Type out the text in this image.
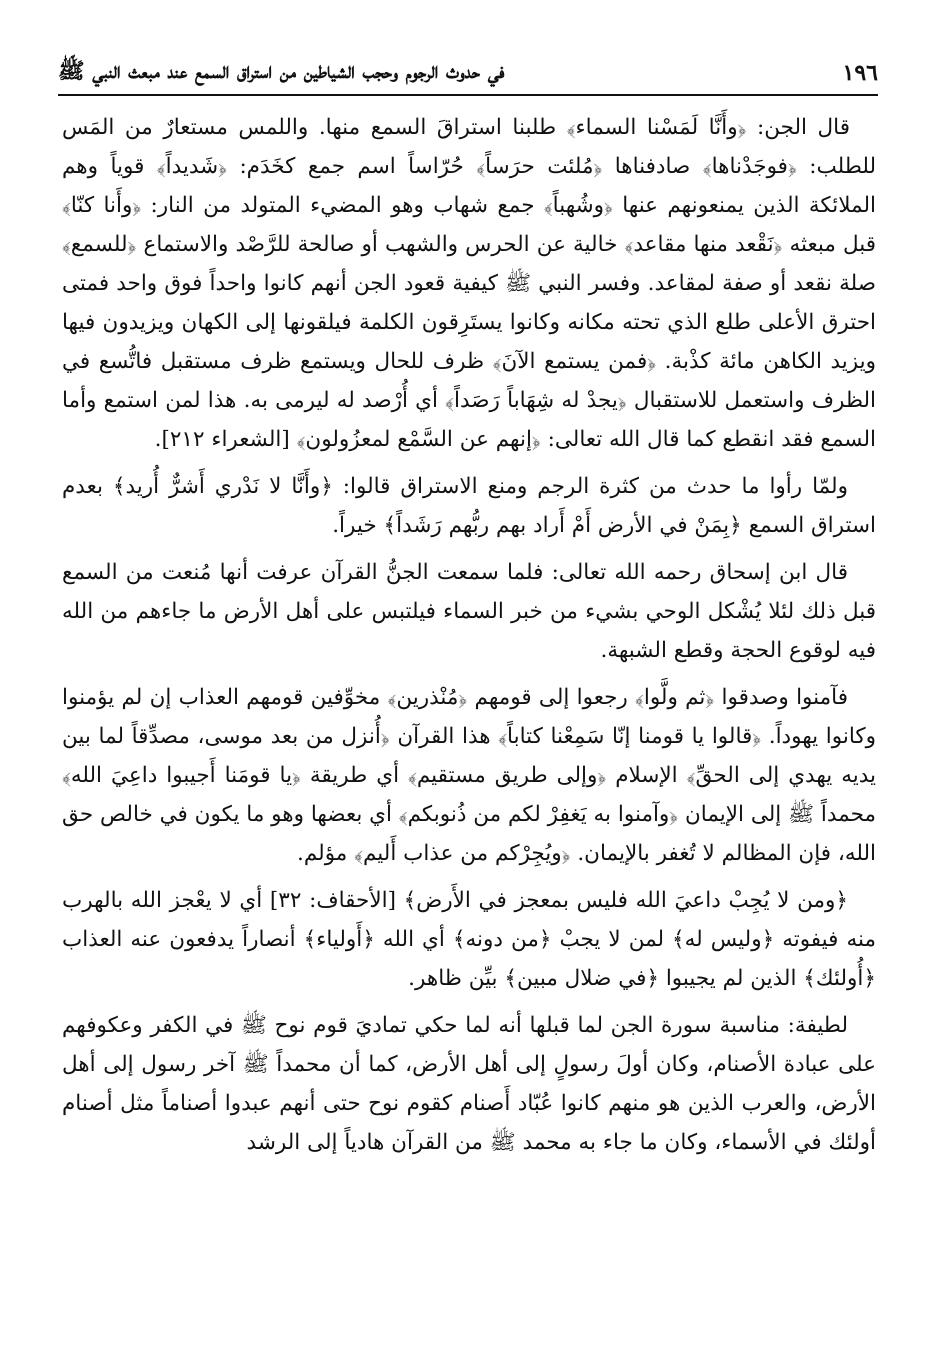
١٩٦
في حدوث الرجوم وحجب الشياطين من استراق السمع عند مبعث النبي ﷺ

قال الجن: ﴿وأَنَّا لَمَسْنا السماء﴾ طلبنا استراقَ السمع منها. واللمس مستعارٌ من المَس للطلب: ﴿فوجَدْناها﴾ صادفناها ﴿مُلئت حرَساً﴾ حُرّاساً اسم جمع كخَدَم: ﴿شَديداً﴾ قوياً وهم الملائكة الذين يمنعونهم عنها ﴿وشُهباً﴾ جمع شهاب وهو المضيء المتولد من النار: ﴿وأَنا كنّا﴾ قبل مبعثه ﴿نَقْعد منها مقاعد﴾ خالية عن الحرس والشهب أو صالحة للرَّصْد والاستماع ﴿للسمع﴾ صلة نقعد أو صفة لمقاعد. وفسر النبي ﷺ كيفية قعود الجن أنهم كانوا واحداً فوق واحد فمتى احترق الأعلى طلع الذي تحته مكانه وكانوا يستَرِقون الكلمة فيلقونها إلى الكهان ويزيدون فيها ويزيد الكاهن مائة كذْبة. ﴿فمن يستمع الآنَ﴾ ظرف للحال ويستمع ظرف مستقبل فاتُّسع في الظرف واستعمل للاستقبال ﴿يجدْ له شِهَاباً رَصَداً﴾ أي أُرْصد له ليرمى به. هذا لمن استمع وأما السمع فقد انقطع كما قال الله تعالى: ﴿إنهم عن السَّمْع لمعزُولون﴾ [الشعراء ٢١٢].

ولمّا رأوا ما حدث من كثرة الرجم ومنع الاستراق قالوا: ﴿وأَنَّا لا نَدْري أَشرٌّ أُريد﴾ بعدم استراق السمع ﴿بِمَنْ في الأرض أَمْ أَراد بهم ربُّهم رَشَداً﴾ خيراً.

قال ابن إسحاق رحمه الله تعالى: فلما سمعت الجنُّ القرآن عرفت أنها مُنعت من السمع قبل ذلك لئلا يُشْكل الوحي بشيء من خبر السماء فيلتبس على أهل الأرض ما جاءهم من الله فيه لوقوع الحجة وقطع الشبهة.

فآمنوا وصدقوا ﴿ثم ولَّوا﴾ رجعوا إلى قومهم ﴿مُنْذرين﴾ مخوِّفين قومهم العذاب إن لم يؤمنوا وكانوا يهوداً. ﴿قالوا يا قومنا إنّا سَمِعْنا كتاباً﴾ هذا القرآن ﴿أُنزل من بعد موسى، مصدِّقاً لما بين يديه يهدي إلى الحقِّ﴾ الإسلام ﴿وإلى طريق مستقيم﴾ أي طريقة ﴿يا قومَنا أَجيبوا داعِيَ الله﴾ محمداً ﷺ إلى الإيمان ﴿وآمنوا به يَغفِرْ لكم من ذُنوبكم﴾ أي بعضها وهو ما يكون في خالص حق الله، فإن المظالم لا تُغفر بالإيمان. ﴿ويُجِرْكم من عذاب أَليم﴾ مؤلم.

﴿ومن لا يُجِبْ داعيَ الله فليس بمعجز في الأَرض﴾ [الأحقاف: ٣٢] أي لا يعْجز الله بالهرب منه فيفوته ﴿وليس له﴾ لمن لا يجبْ ﴿من دونه﴾ أي الله ﴿أَولياء﴾ أنصاراً يدفعون عنه العذاب ﴿أُولئك﴾ الذين لم يجيبوا ﴿في ضلال مبين﴾ بيِّن ظاهر.

لطيفة: مناسبة سورة الجن لما قبلها أنه لما حكي تماديَ قوم نوح ﷺ في الكفر وعكوفهم على عبادة الأصنام، وكان أولَ رسولٍ إلى أهل الأرض، كما أن محمداً ﷺ آخر رسول إلى أهل الأرض، والعرب الذين هو منهم كانوا عُبّاد أَصنام كقوم نوح حتى أنهم عبدوا أصناماً مثل أصنام أولئك في الأسماء، وكان ما جاء به محمد ﷺ من القرآن هادياً إلى الرشد
